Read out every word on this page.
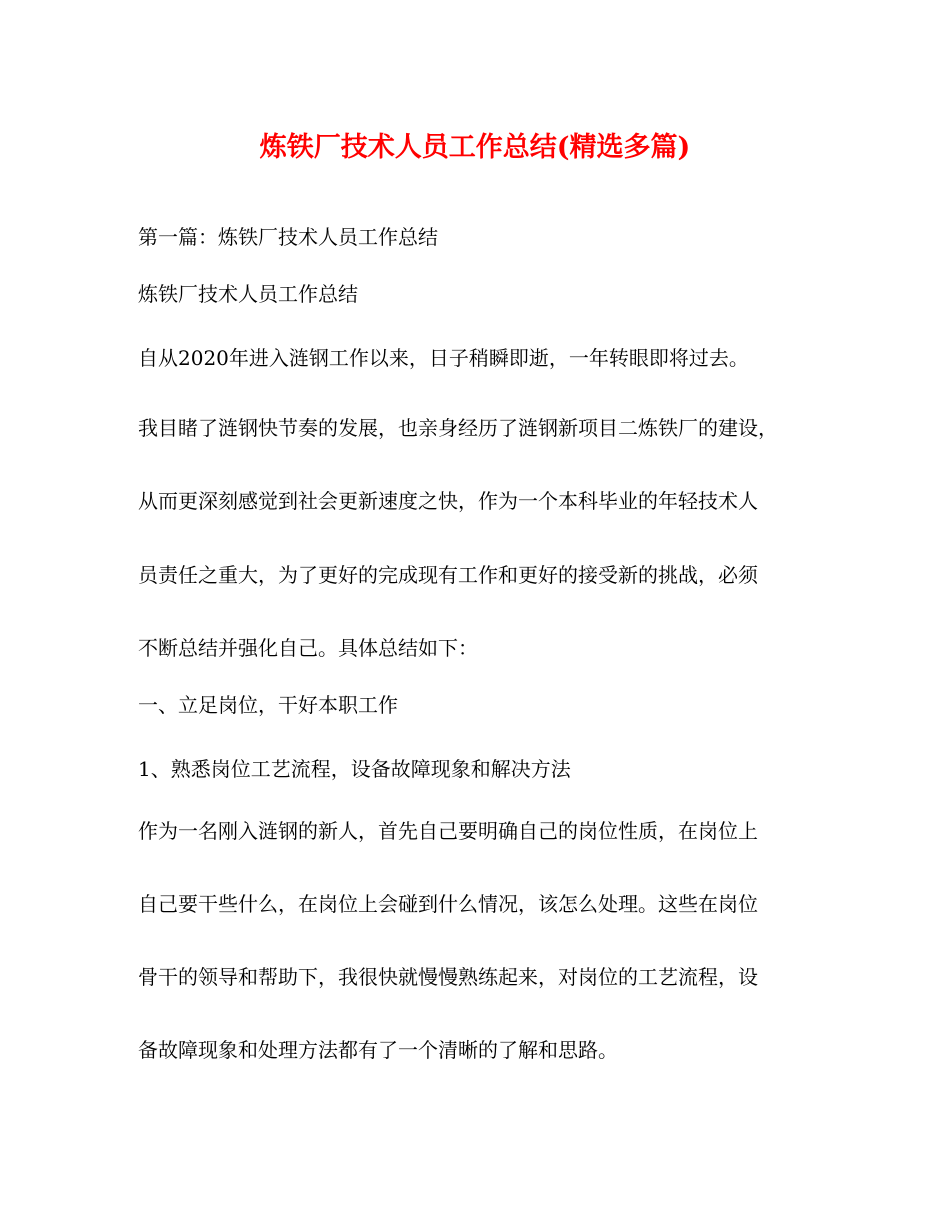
炼铁厂技术人员工作总结(精选多篇)

第一篇：炼铁厂技术人员工作总结

炼铁厂技术人员工作总结

自从2020年进入涟钢工作以来，日子稍瞬即逝，一年转眼即将过去。

我目睹了涟钢快节奏的发展，也亲身经历了涟钢新项目二炼铁厂的建设，

从而更深刻感觉到社会更新速度之快，作为一个本科毕业的年轻技术人

员责任之重大，为了更好的完成现有工作和更好的接受新的挑战，必须

不断总结并强化自己。具体总结如下：

一、立足岗位，干好本职工作

1、熟悉岗位工艺流程，设备故障现象和解决方法

作为一名刚入涟钢的新人，首先自己要明确自己的岗位性质，在岗位上

自己要干些什么，在岗位上会碰到什么情况，该怎么处理。这些在岗位

骨干的领导和帮助下，我很快就慢慢熟练起来，对岗位的工艺流程，设

备故障现象和处理方法都有了一个清晰的了解和思路。
